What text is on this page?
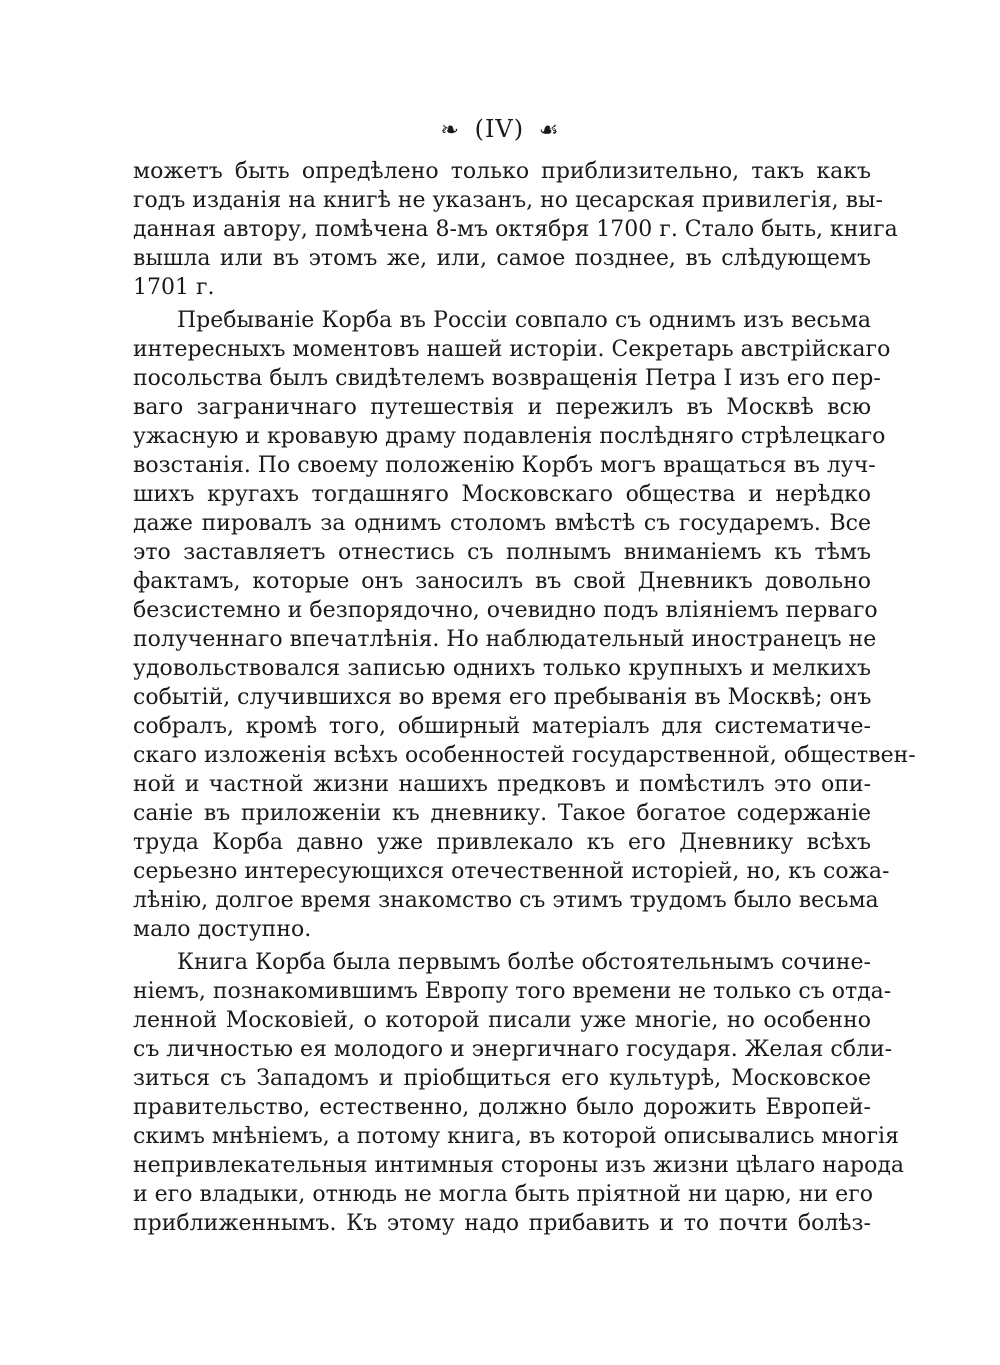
❧ (IV) ☙
можетъ быть опредѣлено только приблизительно, такъ какъ
годъ изданія на книгѣ не указанъ, но цесарская привилегія, вы-
данная автору, помѣчена 8-мъ октября 1700 г. Стало быть, книга
вышла или въ этомъ же, или, самое позднее, въ слѣдующемъ
1701 г.
Пребываніе Корба въ Россіи совпало съ однимъ изъ весьма
интересныхъ моментовъ нашей исторіи. Секретарь австрійскаго
посольства былъ свидѣтелемъ возвращенія Петра I изъ его пер-
ваго заграничнаго путешествія и пережилъ въ Москвѣ всю
ужасную и кровавую драму подавленія послѣдняго стрѣлецкаго
возстанія. По своему положенію Корбъ могъ вращаться въ луч-
шихъ кругахъ тогдашняго Московскаго общества и нерѣдко
даже пировалъ за однимъ столомъ вмѣстѣ съ государемъ. Все
это заставляетъ отнестись съ полнымъ вниманіемъ къ тѣмъ
фактамъ, которые онъ заносилъ въ свой Дневникъ довольно
безсистемно и безпорядочно, очевидно подъ вліяніемъ перваго
полученнаго впечатлѣнія. Но наблюдательный иностранецъ не
удовольствовался записью однихъ только крупныхъ и мелкихъ
событій, случившихся во время его пребыванія въ Москвѣ; онъ
собралъ, кромѣ того, обширный матеріалъ для систематиче-
скаго изложенія всѣхъ особенностей государственной, обществен-
ной и частной жизни нашихъ предковъ и помѣстилъ это опи-
саніе въ приложеніи къ дневнику. Такое богатое содержаніе
труда Корба давно уже привлекало къ его Дневнику всѣхъ
серьезно интересующихся отечественной исторіей, но, къ сожа-
лѣнію, долгое время знакомство съ этимъ трудомъ было весьма
мало доступно.
Книга Корба была первымъ болѣе обстоятельнымъ сочине-
ніемъ, познакомившимъ Европу того времени не только съ отда-
ленной Московіей, о которой писали уже многіе, но особенно
съ личностью ея молодого и энергичнаго государя. Желая сбли-
зиться съ Западомъ и пріобщиться его культурѣ, Московское
правительство, естественно, должно было дорожить Европей-
скимъ мнѣніемъ, а потому книга, въ которой описывались многія
непривлекательныя интимныя стороны изъ жизни цѣлаго народа
и его владыки, отнюдь не могла быть пріятной ни царю, ни его
приближеннымъ. Къ этому надо прибавить и то почти болѣз-
